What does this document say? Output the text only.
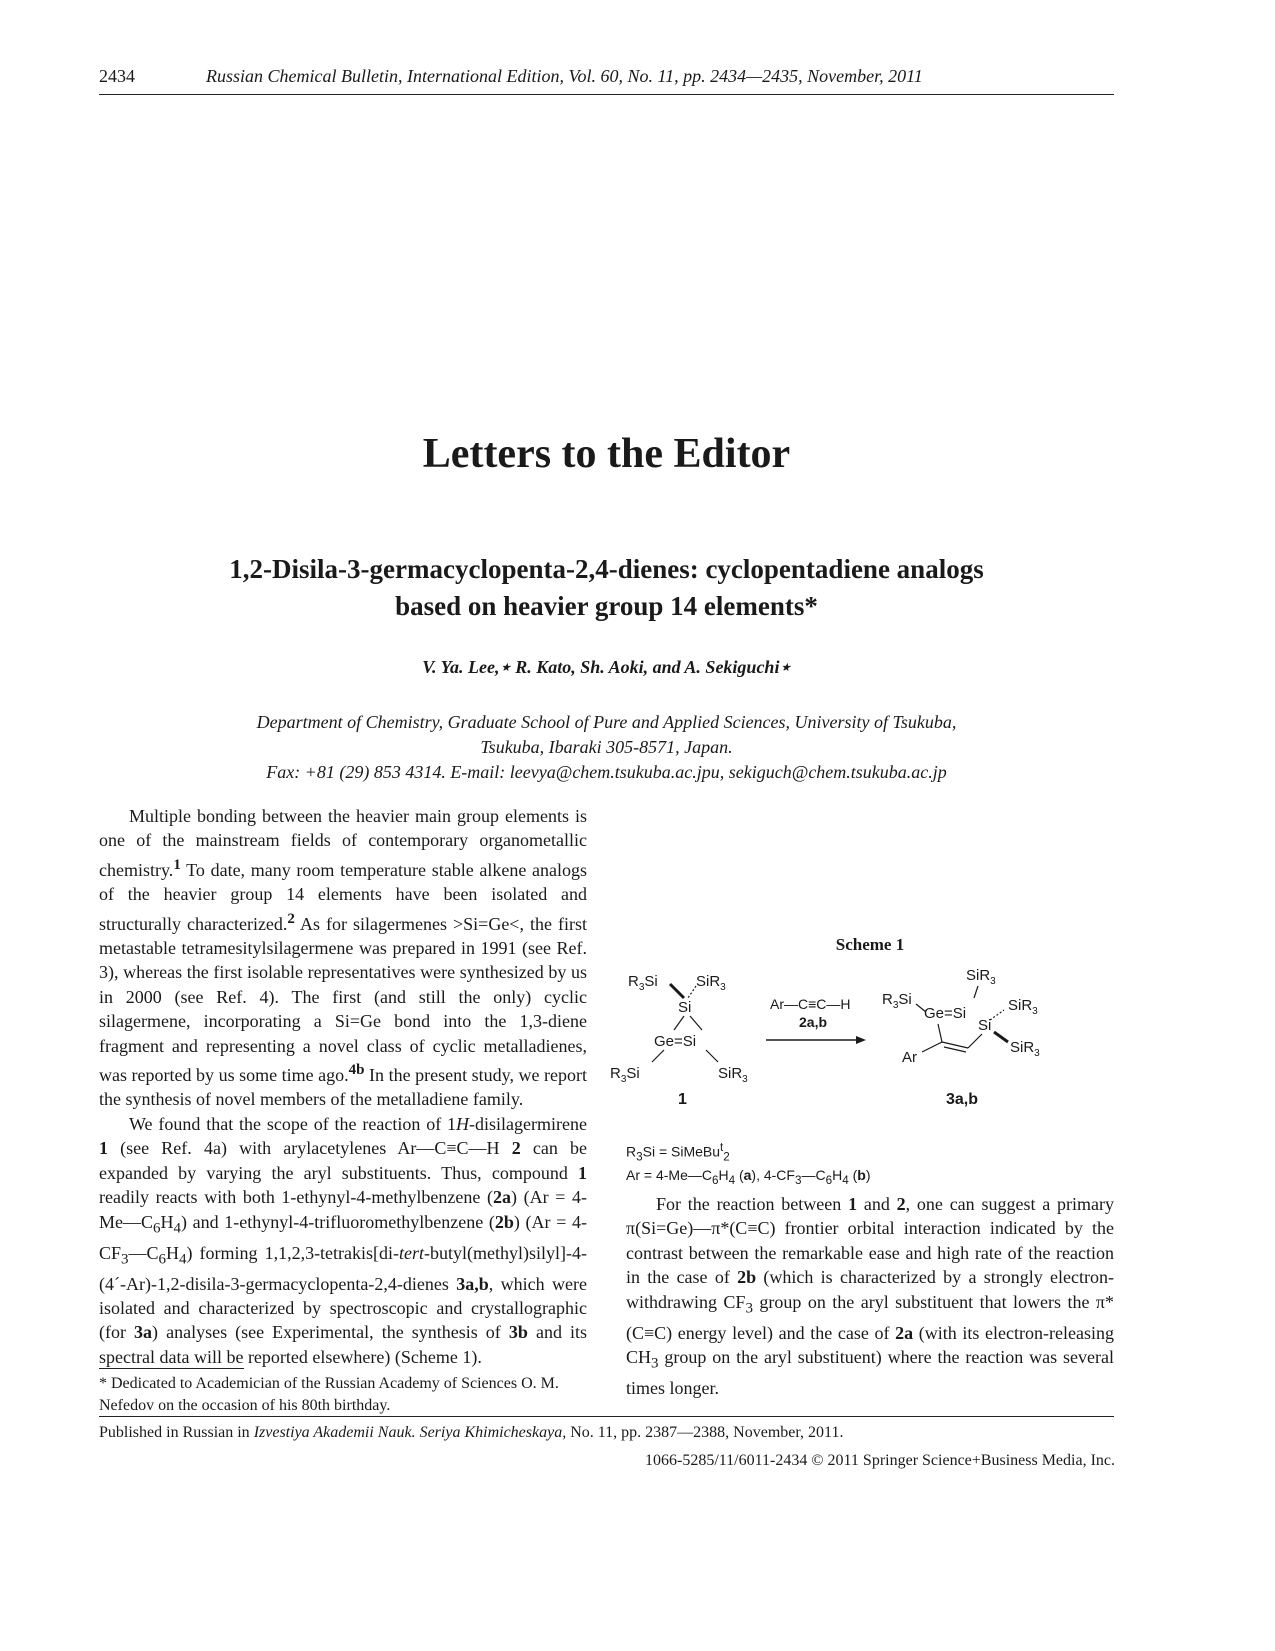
2434	Russian Chemical Bulletin, International Edition, Vol. 60, No. 11, pp. 2434—2435, November, 2011
Letters to the Editor
1,2-Disila-3-germacyclopenta-2,4-dienes: cyclopentadiene analogs
based on heavier group 14 elements*
V. Ya. Lee,⋆ R. Kato, Sh. Aoki, and A. Sekiguchi⋆
Department of Chemistry, Graduate School of Pure and Applied Sciences, University of Tsukuba,
Tsukuba, Ibaraki 305-8571, Japan.
Fax: +81 (29) 853 4314. E-mail: leevya@chem.tsukuba.ac.jpu, sekiguch@chem.tsukuba.ac.jp

Multiple bonding between the heavier main group elements is one of the mainstream fields of contemporary organometallic chemistry.$^1$ To date, many room temperature stable alkene analogs of the heavier group 14 elements have been isolated and structurally characterized.$^2$ As for silagermenes >Si=Ge<, the first metastable tetramesitylsilagermene was prepared in 1991 (see Ref. 3), whereas the first isolable representatives were synthesized by us in 2000 (see Ref. 4). The first (and still the only) cyclic silagermene, incorporating a Si=Ge bond into the 1,3-diene fragment and representing a novel class of cyclic metalladienes, was reported by us some time ago.$^{4b}$ In the present study, we report the synthesis of novel members of the metalladiene family.

We found that the scope of the reaction of 1H-disilagermirene 1 (see Ref. 4a) with arylacetylenes Ar—C≡C—H 2 can be expanded by varying the aryl substituents. Thus, compound 1 readily reacts with both 1-ethynyl-4-methylbenzene (2a) $(Ar = 4-Me—C_6H_4)$ and 1-ethynyl-4-trifluoromethylbenzene (2b) $(Ar = 4-CF_3—C_6H_4)$ forming 1,1,2,3-tetrakis[di-tert-butyl(methyl)silyl]-4-(4´-Ar)-1,2-disila-3-germacyclopenta-2,4-dienes 3a,b, which were isolated and characterized by spectroscopic and crystallographic (for 3a) analyses (see Experimental, the synthesis of 3b and its spectral data will be reported elsewhere) (Scheme 1).

Scheme 1
$R_3Si$	SiR$_3$
Si
Ge=Si
$R_3Si$	SiR$_3$
1
Ar—C≡C—H
2a,b
SiR$_3$
$R_3Si$
Ge=Si	SiR$_3$
Si
SiR$_3$
Ar
3a,b
$R_3Si$ = SiMeBu$^t_2$
$Ar = 4-Me—C_6H_4$ (a), $4-CF_3—C_6H_4$ (b)

For the reaction between 1 and 2, one can suggest a primary π(Si=Ge)—π*(C≡C) frontier orbital interaction indicated by the contrast between the remarkable ease and high rate of the reaction in the case of 2b (which is characterized by a strongly electron-withdrawing $CF_3$ group on the aryl substituent that lowers the π*(C≡C) energy level) and the case of 2a (with its electron-releasing $CH_3$ group on the aryl substituent) where the reaction was several times longer.

* Dedicated to Academician of the Russian Academy of Sciences O. M. Nefedov on the occasion of his 80th birthday.
Published in Russian in Izvestiya Akademii Nauk. Seriya Khimicheskaya, No. 11, pp. 2387—2388, November, 2011.
1066-5285/11/6011-2434 © 2011 Springer Science+Business Media, Inc.
